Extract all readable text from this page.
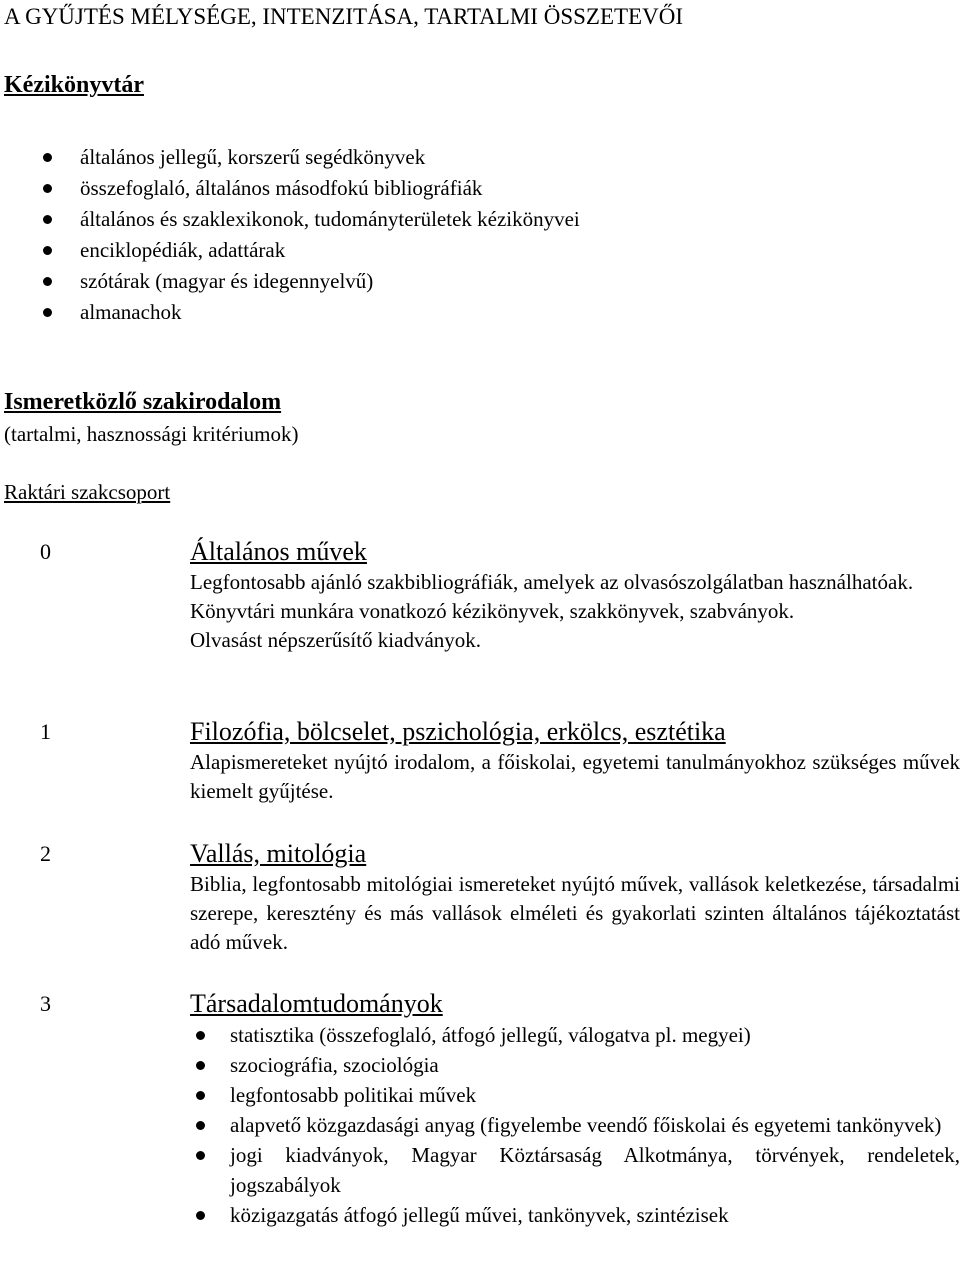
A GYŰJTÉS MÉLYSÉGE, INTENZITÁSA, TARTALMI ÖSSZETEVŐI
Kézikönyvtár
általános jellegű, korszerű segédkönyvek
összefoglaló, általános másodfokú bibliográfiák
általános és szaklexikonok, tudományterületek kézikönyvei
enciklopédiák, adattárak
szótárak (magyar és idegennyelvű)
almanachok
Ismeretközlő szakirodalom

(tartalmi, hasznossági kritériumok)

Raktári szakcsoport

0	Általános művek

Legfontosabb ajánló szakbibliográfiák, amelyek az olvasószolgálatban használhatóak.

Könyvtári munkára vonatkozó kézikönyvek, szakkönyvek, szabványok.

Olvasást népszerűsítő kiadványok.

1	Filozófia, bölcselet, pszichológia, erkölcs, esztétika

Alapismereteket nyújtó irodalom, a főiskolai, egyetemi tanulmányokhoz szükséges művek kiemelt gyűjtése.

2	Vallás, mitológia

Biblia, legfontosabb mitológiai ismereteket nyújtó művek, vallások keletkezése, társadalmi szerepe, keresztény és más vallások elméleti és gyakorlati szinten általános tájékoztatást adó művek.

3	Társadalomtudományok
statisztika (összefoglaló, átfogó jellegű, válogatva pl. megyei)
szociográfia, szociológia
legfontosabb politikai művek
alapvető közgazdasági anyag (figyelembe veendő főiskolai és egyetemi tankönyvek)
jogi kiadványok, Magyar Köztársaság Alkotmánya, törvények, rendeletek, jogszabályok
közigazgatás átfogó jellegű művei, tankönyvek, szintézisek
